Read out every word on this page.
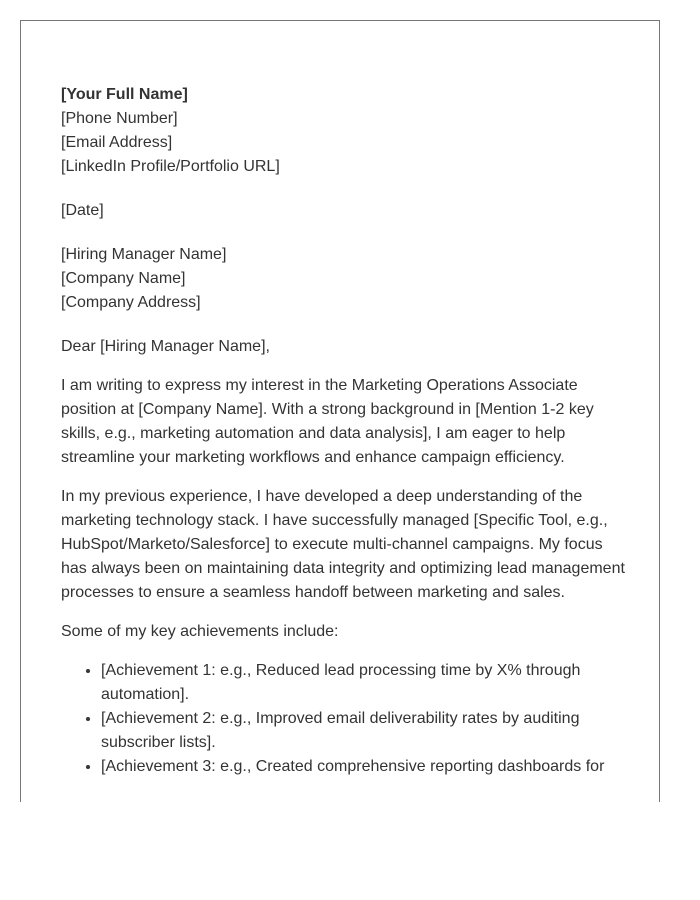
[Your Full Name]
[Phone Number]
[Email Address]
[LinkedIn Profile/Portfolio URL]
[Date]
[Hiring Manager Name]
[Company Name]
[Company Address]

Dear [Hiring Manager Name],

I am writing to express my interest in the Marketing Operations Associate position at [Company Name]. With a strong background in [Mention 1-2 key skills, e.g., marketing automation and data analysis], I am eager to help streamline your marketing workflows and enhance campaign efficiency.

In my previous experience, I have developed a deep understanding of the marketing technology stack. I have successfully managed [Specific Tool, e.g., HubSpot/Marketo/Salesforce] to execute multi-channel campaigns. My focus has always been on maintaining data integrity and optimizing lead management processes to ensure a seamless handoff between marketing and sales.

Some of my key achievements include:

• [Achievement 1: e.g., Reduced lead processing time by X% through automation].
• [Achievement 2: e.g., Improved email deliverability rates by auditing subscriber lists].
• [Achievement 3: e.g., Created comprehensive reporting dashboards for
